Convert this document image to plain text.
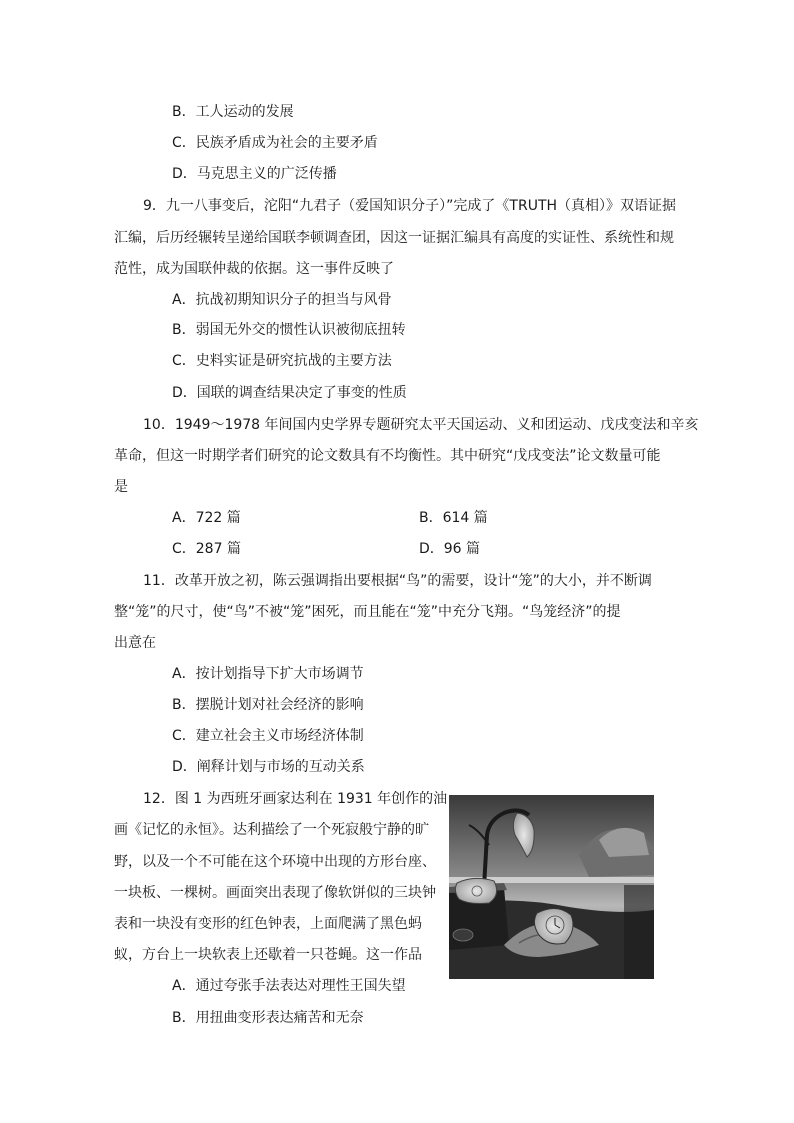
B．工人运动的发展
C．民族矛盾成为社会的主要矛盾
D．马克思主义的广泛传播
9．九一八事变后，沱阳“九君子（爱国知识分子）”完成了《TRUTH（真相）》双语证据
汇编，后历经辗转呈递给国联李顿调查团，因这一证据汇编具有高度的实证性、系统性和规
范性，成为国联仲裁的依据。这一事件反映了
A．抗战初期知识分子的担当与风骨
B．弱国无外交的惯性认识被彻底扭转
C．史料实证是研究抗战的主要方法
D．国联的调查结果决定了事变的性质
10．1949～1978 年间国内史学界专题研究太平天国运动、义和团运动、戊戌变法和辛亥
革命，但这一时期学者们研究的论文数具有不均衡性。其中研究“戊戌变法”论文数量可能
是
A．722 篇	B．614 篇
C．287 篇	D．96 篇
11．改革开放之初，陈云强调指出要根据“鸟”的需要，设计“笼”的大小，并不断调
整“笼”的尺寸，使“鸟”不被“笼”困死，而且能在“笼”中充分飞翔。“鸟笼经济”的提
出意在
A．按计划指导下扩大市场调节
B．摆脱计划对社会经济的影响
C．建立社会主义市场经济体制
D．阐释计划与市场的互动关系
12．图 1 为西班牙画家达利在 1931 年创作的油
画《记忆的永恒》。达利描绘了一个死寂般宁静的旷
野，以及一个不可能在这个环境中出现的方形台座、
一块板、一棵树。画面突出表现了像软饼似的三块钟
表和一块没有变形的红色钟表，上面爬满了黑色蚂
蚁，方台上一块软表上还歇着一只苍蝇。这一作品
A．通过夸张手法表达对理性王国失望
B．用扭曲变形表达痛苦和无奈
